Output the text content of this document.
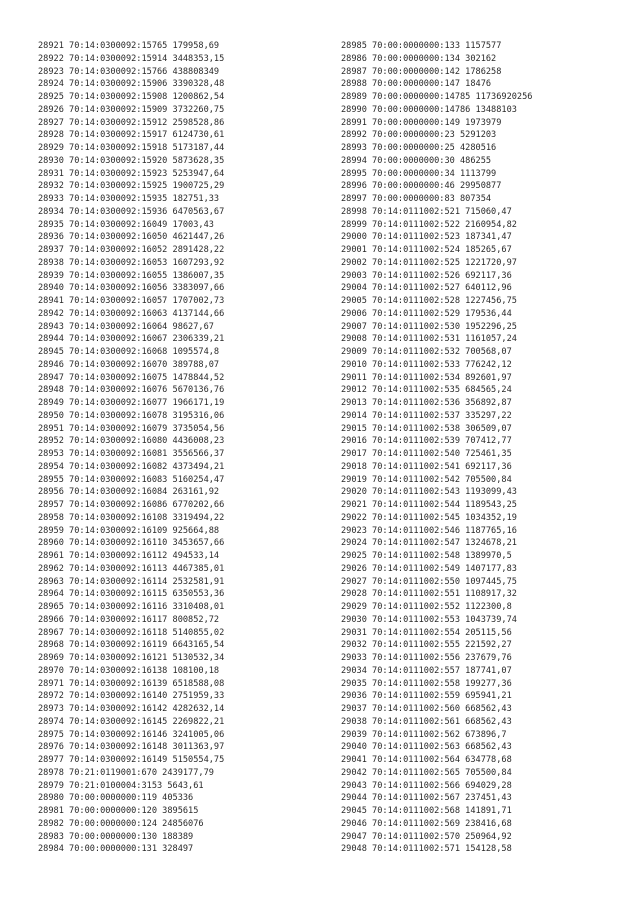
28921 70:14:0300092:15765 179958,69
28922 70:14:0300092:15914 3448353,15
28923 70:14:0300092:15766 438808349
28924 70:14:0300092:15906 3390328,48
28925 70:14:0300092:15908 1200862,54
28926 70:14:0300092:15909 3732260,75
28927 70:14:0300092:15912 2598528,86
28928 70:14:0300092:15917 6124730,61
28929 70:14:0300092:15918 5173187,44
28930 70:14:0300092:15920 5873628,35
28931 70:14:0300092:15923 5253947,64
28932 70:14:0300092:15925 1900725,29
28933 70:14:0300092:15935 182751,33
28934 70:14:0300092:15936 6470563,67
28935 70:14:0300092:16049 17003,43
28936 70:14:0300092:16050 4621447,26
28937 70:14:0300092:16052 2891428,22
28938 70:14:0300092:16053 1607293,92
28939 70:14:0300092:16055 1386007,35
28940 70:14:0300092:16056 3383097,66
28941 70:14:0300092:16057 1707002,73
28942 70:14:0300092:16063 4137144,66
28943 70:14:0300092:16064 98627,67
28944 70:14:0300092:16067 2306339,21
28945 70:14:0300092:16068 1095574,8
28946 70:14:0300092:16070 389788,07
28947 70:14:0300092:16075 1478844,52
28948 70:14:0300092:16076 5670136,76
28949 70:14:0300092:16077 1966171,19
28950 70:14:0300092:16078 3195316,06
28951 70:14:0300092:16079 3735054,56
28952 70:14:0300092:16080 4436008,23
28953 70:14:0300092:16081 3556566,37
28954 70:14:0300092:16082 4373494,21
28955 70:14:0300092:16083 5160254,47
28956 70:14:0300092:16084 263161,92
28957 70:14:0300092:16086 6770202,66
28958 70:14:0300092:16108 3319494,22
28959 70:14:0300092:16109 925664,88
28960 70:14:0300092:16110 3453657,66
28961 70:14:0300092:16112 494533,14
28962 70:14:0300092:16113 4467385,01
28963 70:14:0300092:16114 2532581,91
28964 70:14:0300092:16115 6350553,36
28965 70:14:0300092:16116 3310408,01
28966 70:14:0300092:16117 800852,72
28967 70:14:0300092:16118 5140855,02
28968 70:14:0300092:16119 6643165,54
28969 70:14:0300092:16121 5130532,34
28970 70:14:0300092:16138 108100,18
28971 70:14:0300092:16139 6518588,08
28972 70:14:0300092:16140 2751959,33
28973 70:14:0300092:16142 4282632,14
28974 70:14:0300092:16145 2269822,21
28975 70:14:0300092:16146 3241005,06
28976 70:14:0300092:16148 3011363,97
28977 70:14:0300092:16149 5150554,75
28978 70:21:0119001:670 2439177,79
28979 70:21:0100004:3153 5643,61
28980 70:00:0000000:119 405336
28981 70:00:0000000:120 3895615
28982 70:00:0000000:124 24856076
28983 70:00:0000000:130 188389
28984 70:00:0000000:131 328497
28985 70:00:0000000:133 1157577
28986 70:00:0000000:134 302162
28987 70:00:0000000:142 1786258
28988 70:00:0000000:147 18476
28989 70:00:0000000:14785 11736920256
28990 70:00:0000000:14786 13488103
28991 70:00:0000000:149 1973979
28992 70:00:0000000:23 5291203
28993 70:00:0000000:25 4280516
28994 70:00:0000000:30 486255
28995 70:00:0000000:34 1113799
28996 70:00:0000000:46 29950877
28997 70:00:0000000:83 807354
28998 70:14:0111002:521 715060,47
28999 70:14:0111002:522 2160954,82
29000 70:14:0111002:523 187341,47
29001 70:14:0111002:524 185265,67
29002 70:14:0111002:525 1221720,97
29003 70:14:0111002:526 692117,36
29004 70:14:0111002:527 640112,96
29005 70:14:0111002:528 1227456,75
29006 70:14:0111002:529 179536,44
29007 70:14:0111002:530 1952296,25
29008 70:14:0111002:531 1161057,24
29009 70:14:0111002:532 700568,07
29010 70:14:0111002:533 776242,12
29011 70:14:0111002:534 892601,97
29012 70:14:0111002:535 684565,24
29013 70:14:0111002:536 356892,87
29014 70:14:0111002:537 335297,22
29015 70:14:0111002:538 306509,07
29016 70:14:0111002:539 707412,77
29017 70:14:0111002:540 725461,35
29018 70:14:0111002:541 692117,36
29019 70:14:0111002:542 705500,84
29020 70:14:0111002:543 1193099,43
29021 70:14:0111002:544 1189543,25
29022 70:14:0111002:545 1034352,19
29023 70:14:0111002:546 1187765,16
29024 70:14:0111002:547 1324678,21
29025 70:14:0111002:548 1389970,5
29026 70:14:0111002:549 1407177,83
29027 70:14:0111002:550 1097445,75
29028 70:14:0111002:551 1108917,32
29029 70:14:0111002:552 1122300,8
29030 70:14:0111002:553 1043739,74
29031 70:14:0111002:554 205115,56
29032 70:14:0111002:555 221592,27
29033 70:14:0111002:556 237679,76
29034 70:14:0111002:557 187741,07
29035 70:14:0111002:558 199277,36
29036 70:14:0111002:559 695941,21
29037 70:14:0111002:560 668562,43
29038 70:14:0111002:561 668562,43
29039 70:14:0111002:562 673896,7
29040 70:14:0111002:563 668562,43
29041 70:14:0111002:564 634778,68
29042 70:14:0111002:565 705500,84
29043 70:14:0111002:566 694029,28
29044 70:14:0111002:567 237451,43
29045 70:14:0111002:568 141891,71
29046 70:14:0111002:569 238416,68
29047 70:14:0111002:570 250964,92
29048 70:14:0111002:571 154128,58
